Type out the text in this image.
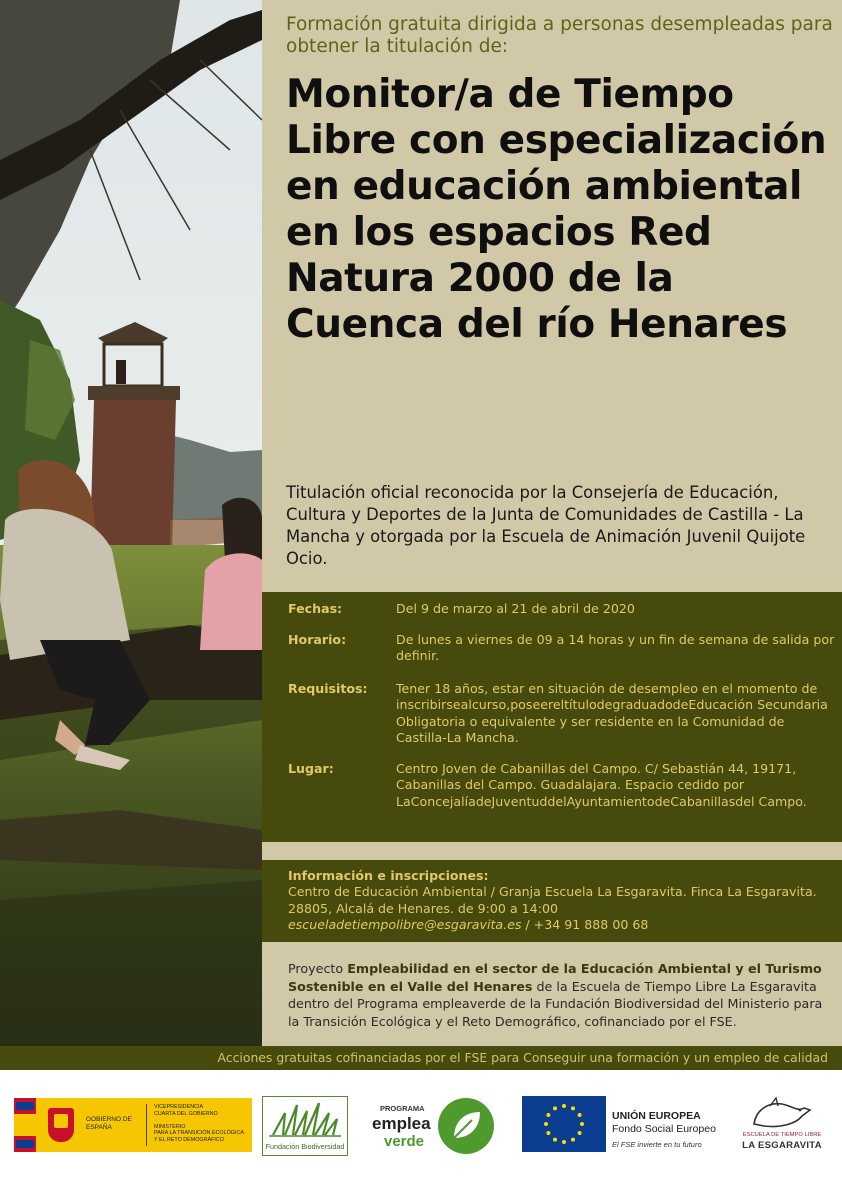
Formación gratuita dirigida a personas desempleadas para obtener la titulación de:
Monitor/a de Tiempo Libre con especialización en educación ambiental en los espacios Red Natura 2000 de la Cuenca del río Henares
Titulación oficial reconocida por la Consejería de Educación, Cultura y Deportes de la Junta de Comunidades de Castilla - La Mancha y otorgada por la Escuela de Animación Juvenil Quijote Ocio.
Fechas:	Del 9 de marzo al 21 de abril de 2020
Horario:	De lunes a viernes de 09 a 14 horas y un fin de semana de salida por definir.
Requisitos:	Tener 18 años, estar en situación de desempleo en el momento de inscribirsealcurso,poseereltítulodegraduadodeEducación Secundaria Obligatoria o equivalente y ser residente en la Comunidad de Castilla-La Mancha.
Lugar:	Centro Joven de Cabanillas del Campo. C/ Sebastián 44, 19171, Cabanillas del Campo. Guadalajara. Espacio cedido por LaConcejalíadeJuventuddelAyuntamientodeCabanillasdel Campo.
Información e inscripciones:
Centro de Educación Ambiental / Granja Escuela La Esgaravita. Finca La Esgaravita. 28805, Alcalá de Henares. de 9:00 a 14:00
escueladetiempolibre@esgaravita.es / +34 91 888 00 68
Proyecto Empleabilidad en el sector de la Educación Ambiental y el Turismo Sostenible en el Valle del Henares de la Escuela de Tiempo Libre La Esgaravita dentro del Programa empleaverde de la Fundación Biodiversidad del Ministerio para la Transición Ecológica y el Reto Demográfico, cofinanciado por el FSE.
Acciones gratuitas cofinanciadas por el FSE para Conseguir una formación y un empleo de calidad
GOBIERNO DE ESPAÑA
VICEPRESIDENCIA
CUARTA DEL GOBIERNO
MINISTERIO
PARA LA TRANSICIÓN ECOLÓGICA
Y EL RETO DEMOGRÁFICO
Fundación Biodiversidad
PROGRAMA
emplea
verde
UNIÓN EUROPEA
Fondo Social Europeo
El FSE invierte en tu futuro
ESCUELA DE TIEMPO LIBRE
LA ESGARAVITA
